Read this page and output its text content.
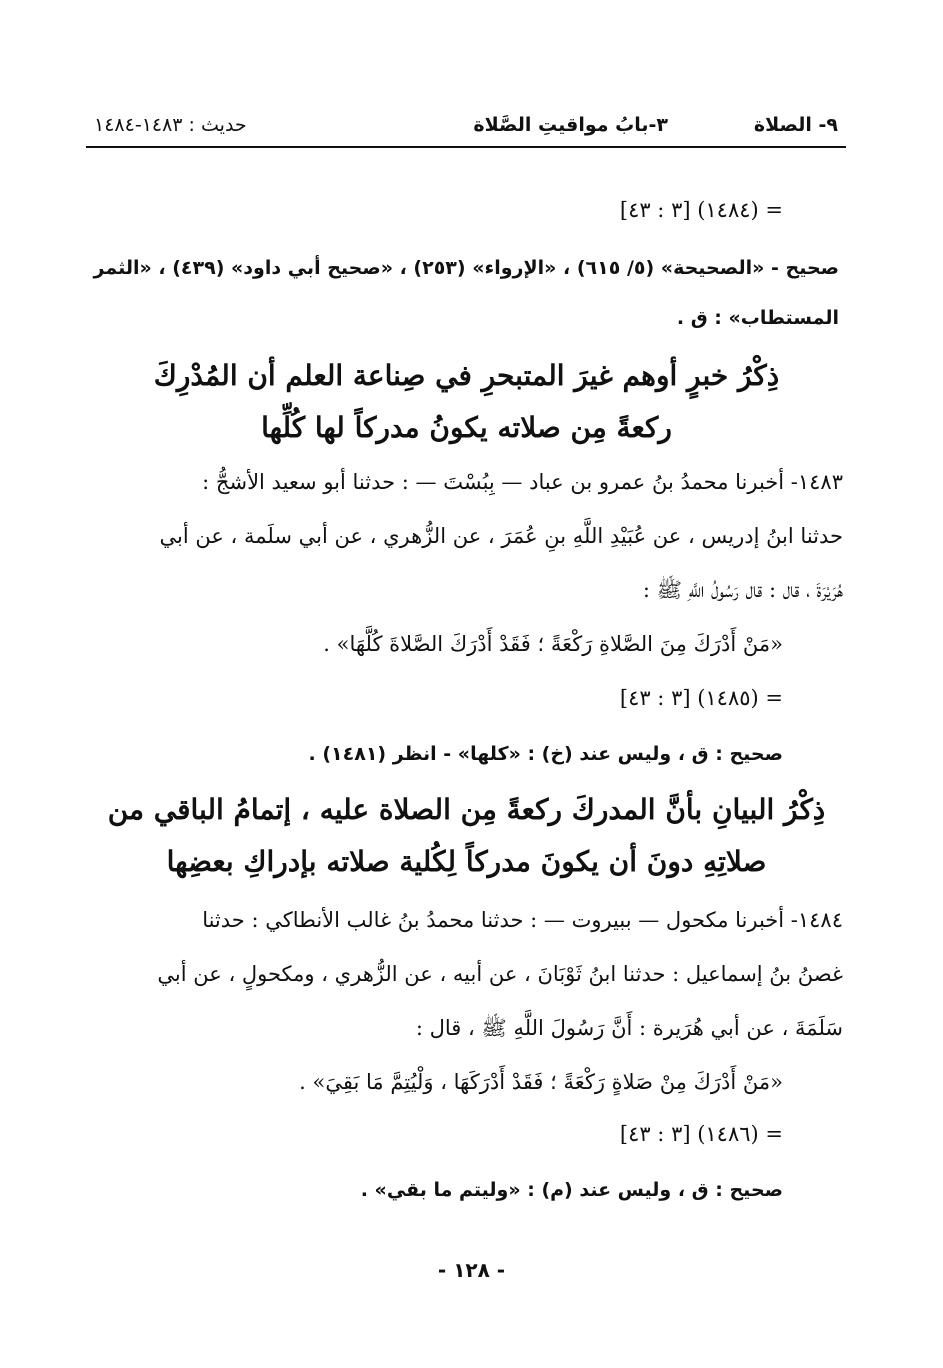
٩- الصلاة
٣-بابُ مواقيتِ الصَّلاة
حديث : ١٤٨٣-١٤٨٤
= (١٤٨٤) [٣ : ٤٣]
صحيح - «الصحيحة» (٥/ ٦١٥) ، «الإرواء» (٢٥٣) ، «صحيح أبي داود» (٤٣٩) ، «الثمر
المستطاب» : ق .
ذِكْرُ خبرٍ أوهم غيرَ المتبحرِ في صِناعة العلم أن المُدْرِكَ
ركعةً مِن صلاته يكونُ مدركاً لها كُلِّها
١٤٨٣- أخبرنا محمدُ بنُ عمرو بن عباد — بِبُسْتَ — : حدثنا أبو سعيد الأشجُّ :
حدثنا ابنُ إدريس ، عن عُبَيْدِ اللَّهِ بنِ عُمَرَ ، عن الزُّهري ، عن أبي سلَمة ، عن أبي
هُرَيْرَةَ ، قال : قال رَسُولُ اللَّهِ ﷺ :
«مَنْ أَدْرَكَ مِنَ الصَّلاةِ رَكْعَةً ؛ فَقَدْ أَدْرَكَ الصَّلاةَ كُلَّهَا» .
= (١٤٨٥) [٣ : ٤٣]
صحيح : ق ، وليس عند (خ) : «كلها» - انظر (١٤٨١) .
ذِكْرُ البيانِ بأنَّ المدركَ ركعةً مِن الصلاة عليه ، إتمامُ الباقي من
صلاتِهِ دونَ أن يكونَ مدركاً لِكُلية صلاته بإدراكِ بعضِها
١٤٨٤- أخبرنا مكحول — ببيروت — : حدثنا محمدُ بنُ غالب الأنطاكي : حدثنا
غصنُ بنُ إسماعيل : حدثنا ابنُ ثَوْبَانَ ، عن أبيه ، عن الزُّهري ، ومكحولٍ ، عن أبي
سَلَمَةَ ، عن أبي هُرَيرة : أَنَّ رَسُولَ اللَّهِ ﷺ ، قال :
«مَنْ أَدْرَكَ مِنْ صَلاةٍ رَكْعَةً ؛ فَقَدْ أَدْرَكَهَا ، وَلْيُتِمَّ مَا بَقِيَ» .
= (١٤٨٦) [٣ : ٤٣]
صحيح : ق ، وليس عند (م) : «وليتم ما بقي» .
- ١٢٨ -
